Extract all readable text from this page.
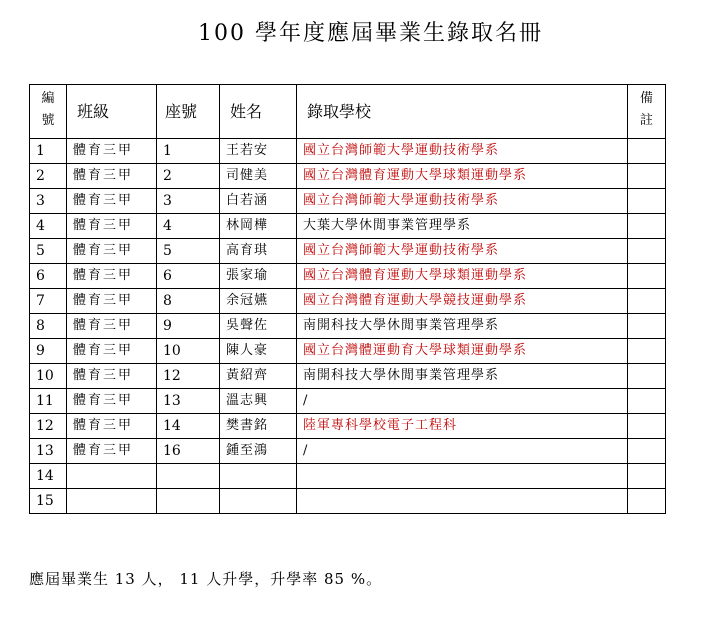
100 學年度應屆畢業生錄取名冊
編
號	班級	座號	姓名	錄取學校	備
註
1	體育三甲	1	王若安	國立台灣師範大學運動技術學系	
2	體育三甲	2	司健美	國立台灣體育運動大學球類運動學系	
3	體育三甲	3	白若涵	國立台灣師範大學運動技術學系	
4	體育三甲	4	林岡樺	大葉大學休閒事業管理學系	
5	體育三甲	5	高育琪	國立台灣師範大學運動技術學系	
6	體育三甲	6	張家瑜	國立台灣體育運動大學球類運動學系	
7	體育三甲	8	余冠嬿	國立台灣體育運動大學競技運動學系	
8	體育三甲	9	吳聲佐	南開科技大學休閒事業管理學系	
9	體育三甲	10	陳人豪	國立台灣體運動育大學球類運動學系	
10	體育三甲	12	黃紹齊	南開科技大學休閒事業管理學系	
11	體育三甲	13	溫志興	/	
12	體育三甲	14	樊書銘	陸軍專科學校電子工程科	
13	體育三甲	16	鍾至鴻	/	
14					
15					
應屆畢業生 13 人， 11 人升學，升學率 85 %。
